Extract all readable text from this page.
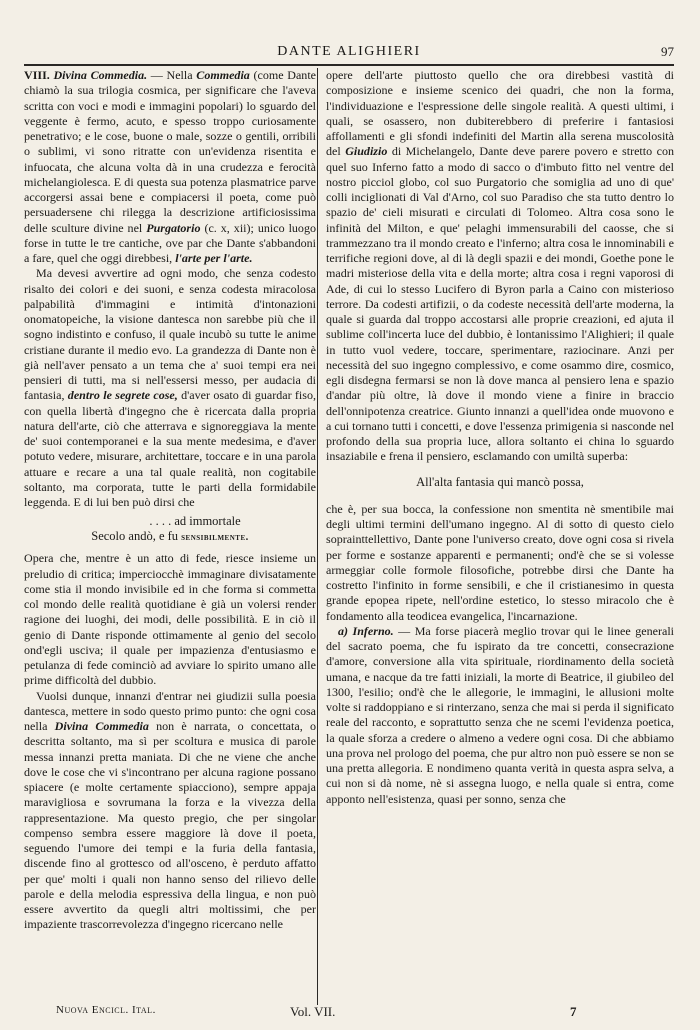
DANTE ALIGHIERI	97

VIII. Divina Commedia. — Nella Commedia (come Dante chiamò la sua trilogia cosmica, per significare che l'aveva scritta con voci e modi e immagini popolari) lo sguardo del veggente è fermo, acuto, e spesso troppo curiosamente penetrativo; e le cose, buone o male, sozze o gentili, orribili o sublimi, vi sono ritratte con un'evidenza risentita e infuocata, che alcuna volta dà in una crudezza e ferocità michelangiolesca. E di questa sua potenza plasmatrice parve accorgersi assai bene e compiacersi il poeta, come può persuadersene chi rilegga la descrizione artificiosissima delle sculture divine nel Purgatorio (c. x, xii); unico luogo forse in tutte le tre cantiche, ove par che Dante s'abbandoni a fare, quel che oggi direbbesi, l'arte per l'arte.

Ma devesi avvertire ad ogni modo, che senza codesto risalto dei colori e dei suoni, e senza codesta miracolosa palpabilità d'immagini e intimità d'intonazioni onomatopeiche, la visione dantesca non sarebbe più che il sogno indistinto e confuso, il quale incubò su tutte le anime cristiane durante il medio evo. La grandezza di Dante non è già nell'aver pensato a un tema che a' suoi tempi era nei pensieri di tutti, ma si nell'essersi messo, per audacia di fantasia, dentro le segrete cose, d'aver osato di guardar fiso, con quella libertà d'ingegno che è ricercata dalla propria natura dell'arte, ciò che atterrava e signoreggiava la mente de' suoi contemporanei e la sua mente medesima, e d'aver potuto vedere, misurare, architettare, toccare e in una parola attuare e recare a una tal quale realità, non cogitabile soltanto, ma corporata, tutte le parti della formidabile leggenda. E di lui ben può dirsi che

. . . . ad immortale
Secolo andò, e fu sensibilmente.

Opera che, mentre è un atto di fede, riesce insieme un preludio di critica; imperciocchè immaginare divisatamente come stia il mondo invisibile ed in che forma si commetta col mondo delle realità quotidiane è già un volersi render ragione dei luoghi, dei modi, delle possibilità. E in ciò il genio di Dante risponde ottimamente al genio del secolo ond'egli usciva; il quale per impazienza d'entusiasmo e petulanza di fede cominciò ad avviare lo spirito umano alle prime difficoltà del dubbio.

Vuolsi dunque, innanzi d'entrar nei giudizii sulla poesia dantesca, mettere in sodo questo primo punto: che ogni cosa nella Divina Commedia non è narrata, o concettata, o descritta soltanto, ma sì per scoltura e musica di parole messa innanzi pretta maniata. Di che ne viene che anche dove le cose che vi s'incontrano per alcuna ragione possano spiacere (e molte certamente spiacciono), sempre appaja maravigliosa e sovrumana la forza e la vivezza della rappresentazione. Ma questo pregio, che per singolar compenso sembra essere maggiore là dove il poeta, seguendo l'umore dei tempi e la furia della fantasia, discende fino al grottesco od all'osceno, è perduto affatto per que' molti i quali non hanno senso del rilievo delle parole e della melodia espressiva della lingua, e non può essere avvertito da quegli altri moltissimi, che per impaziente trascorrevolezza d'ingegno ricercano nelle

opere dell'arte piuttosto quello che ora direbbesi vastità di composizione e insieme scenico dei quadri, che non la forma, l'individuazione e l'espressione delle singole realità. A questi ultimi, i quali, se osassero, non dubiterebbero di preferire i fantasiosi affollamenti e gli sfondi indefiniti del Martin alla serena muscolosità del Giudizio di Michelangelo, Dante deve parere povero e stretto con quel suo Inferno fatto a modo di sacco o d'imbuto fitto nel ventre del nostro picciol globo, col suo Purgatorio che somiglia ad uno di que' colli inciglionati di Val d'Arno, col suo Paradiso che sta tutto dentro lo spazio de' cieli misurati e circulati di Tolomeo. Altra cosa sono le infinità del Milton, e que' pelaghi immensurabili del caosse, che si trammezzano tra il mondo creato e l'inferno; altra cosa le innominabili e terrifiche regioni dove, al di là degli spazii e dei mondi, Goethe pone le madri misteriose della vita e della morte; altra cosa i regni vaporosi di Ade, di cui lo stesso Lucifero di Byron parla a Caino con misterioso terrore. Da codesti artifizii, o da codeste necessità dell'arte moderna, la quale si guarda dal troppo accostarsi alle proprie creazioni, ed ajuta il sublime coll'incerta luce del dubbio, è lontanissimo l'Alighieri; il quale in tutto vuol vedere, toccare, sperimentare, raziocinare. Anzi per necessità del suo ingegno complessivo, e come osammo dire, cosmico, egli disdegna fermarsi se non là dove manca al pensiero lena e spazio d'andar più oltre, là dove il mondo viene a finire in braccio dell'onnipotenza creatrice. Giunto innanzi a quell'idea onde muovono e a cui tornano tutti i concetti, e dove l'essenza primigenia si nasconde nel profondo della sua propria luce, allora soltanto ei china lo sguardo insaziabile e frena il pensiero, esclamando con umiltà superba:

All'alta fantasia qui mancò possa,

che è, per sua bocca, la confessione non smentita nè smentibile mai degli ultimi termini dell'umano ingegno. Al di sotto di questo cielo soprainttellettivo, Dante pone l'universo creato, dove ogni cosa si rivela per forme e sostanze apparenti e permanenti; ond'è che se si volesse armeggiar colle formole filosofiche, potrebbe dirsi che Dante ha costretto l'infinito in forme sensibili, e che il cristianesimo in questa grande epopea ripete, nell'ordine estetico, lo stesso miracolo che è fondamento alla teodicea evangelica, l'incarnazione.

a) Inferno. — Ma forse piacerà meglio trovar qui le linee generali del sacrato poema, che fu ispirato da tre concetti, consecrazione d'amore, conversione alla vita spirituale, riordinamento della società umana, e nacque da tre fatti iniziali, la morte di Beatrice, il giubileo del 1300, l'esilio; ond'è che le allegorie, le immagini, le allusioni molte volte si raddoppiano e si rinterzano, senza che mai si perda il significato reale del racconto, e soprattutto senza che ne scemi l'evidenza poetica, la quale sforza a credere o almeno a vedere ogni cosa. Di che abbiamo una prova nel prologo del poema, che pur altro non può essere se non se una pretta allegoria. E nondimeno quanta verità in questa aspra selva, a cui non si dà nome, nè si assegna luogo, e nella quale si entra, come apponto nell'esistenza, quasi per sonno, senza che

Nuova Encicl. Ital.	Vol. VII.	7
